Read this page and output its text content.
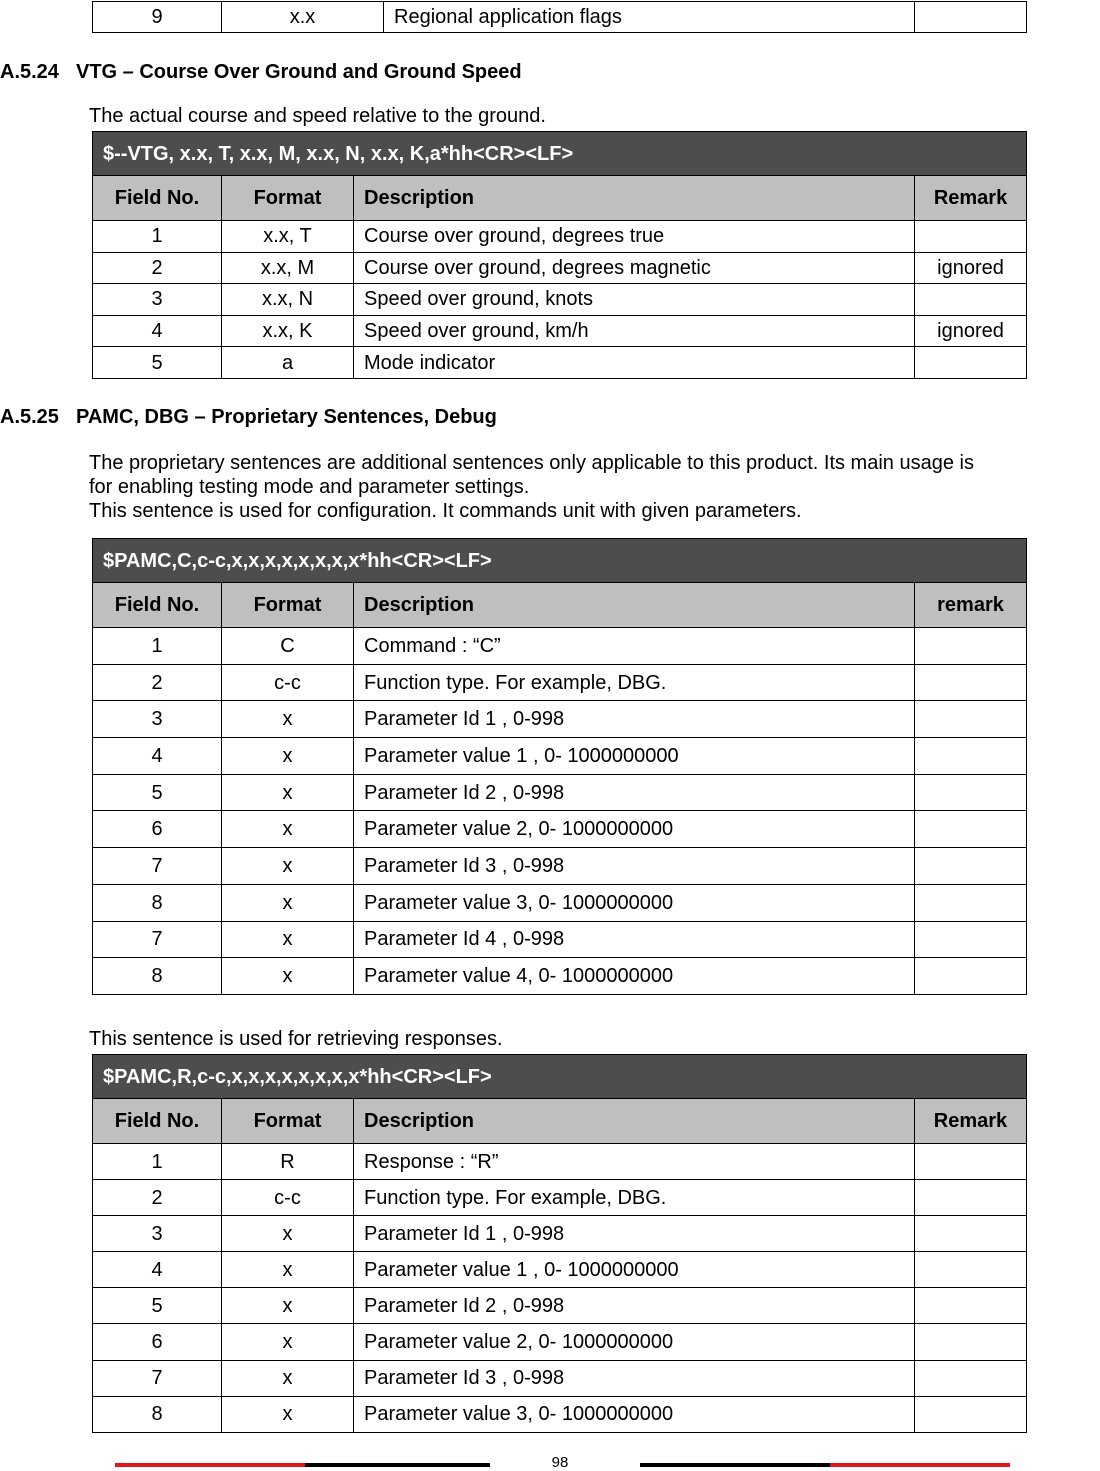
9	x.x	Regional application flags	
A.5.24 VTG – Course Over Ground and Ground Speed
The actual course and speed relative to the ground.
$--VTG, x.x, T, x.x, M, x.x, N, x.x, K,a*hh<CR><LF>			
Field No.	Format	Description	Remark
1	x.x, T	Course over ground, degrees true	
2	x.x, M	Course over ground, degrees magnetic	ignored
3	x.x, N	Speed over ground, knots	
4	x.x, K	Speed over ground, km/h	ignored
5	a	Mode indicator	
A.5.25 PAMC, DBG – Proprietary Sentences, Debug
The proprietary sentences are additional sentences only applicable to this product. Its main usage is
for enabling testing mode and parameter settings.
This sentence is used for configuration. It commands unit with given parameters.
$PAMC,C,c-c,x,x,x,x,x,x,x,x*hh<CR><LF>			
Field No.	Format	Description	remark
1	C	Command : “C”	
2	c-c	Function type. For example, DBG.	
3	x	Parameter Id 1 , 0-998	
4	x	Parameter value 1 , 0- 1000000000	
5	x	Parameter Id 2 , 0-998	
6	x	Parameter value 2, 0- 1000000000	
7	x	Parameter Id 3 , 0-998	
8	x	Parameter value 3, 0- 1000000000	
7	x	Parameter Id 4 , 0-998	
8	x	Parameter value 4, 0- 1000000000	
This sentence is used for retrieving responses.
$PAMC,R,c-c,x,x,x,x,x,x,x,x*hh<CR><LF>			
Field No.	Format	Description	Remark
1	R	Response : “R”	
2	c-c	Function type. For example, DBG.	
3	x	Parameter Id 1 , 0-998	
4	x	Parameter value 1 , 0- 1000000000	
5	x	Parameter Id 2 , 0-998	
6	x	Parameter value 2, 0- 1000000000	
7	x	Parameter Id 3 , 0-998	
8	x	Parameter value 3, 0- 1000000000	
98
